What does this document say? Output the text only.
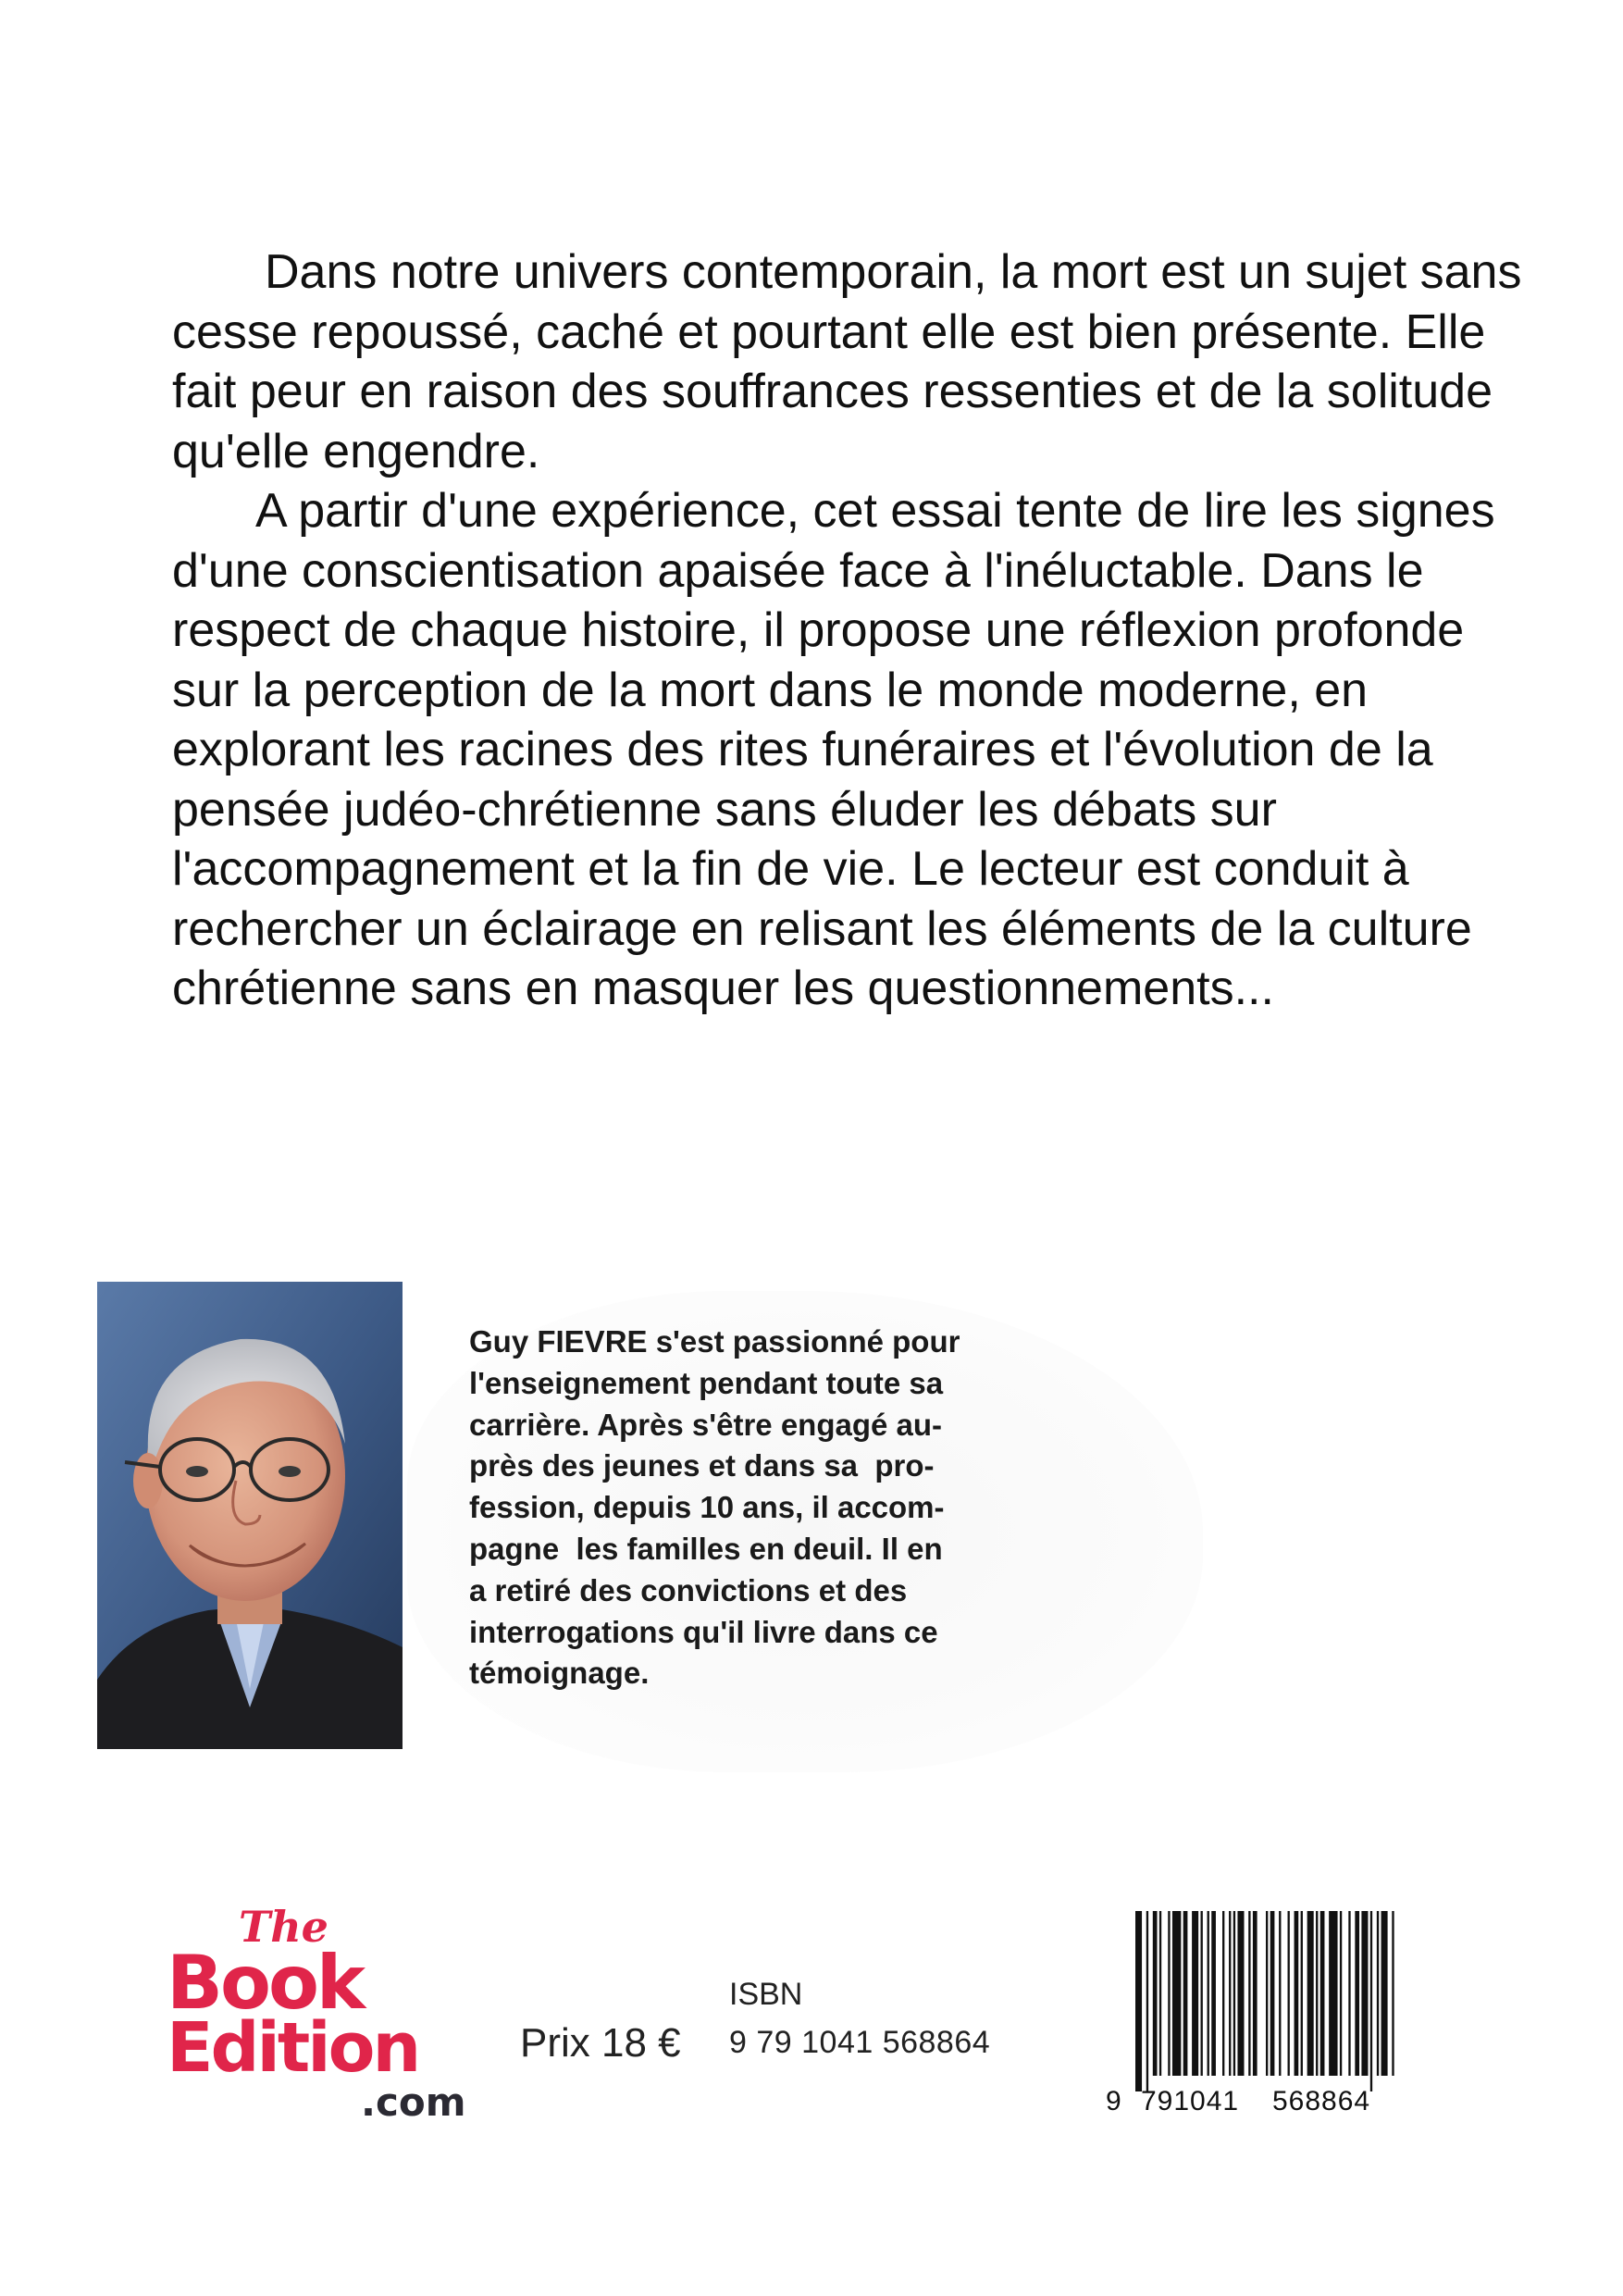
Dans notre univers contemporain, la mort est un sujet sans cesse repoussé, caché et pourtant elle est bien présente. Elle fait peur en raison des souffrances ressenties et de la solitude qu'elle engendre.

A partir d'une expérience, cet essai tente de lire les signes d'une conscientisation apaisée face à l'inéluctable. Dans le respect de chaque histoire, il propose une réflexion profonde sur la perception de la mort dans le monde moderne, en explorant les racines des rites funéraires et l'évolution de la pensée judéo-chrétienne sans éluder les débats sur l'accompagnement et la fin de vie. Le lecteur est conduit à rechercher un éclairage en relisant les éléments de la culture chrétienne sans en masquer les questionnements...

Guy FIEVRE s'est passionné pour
l'enseignement pendant toute sa
carrière. Après s'être engagé au-
près des jeunes et dans sa  pro-
fession, depuis 10 ans, il accom-
pagne  les familles en deuil. Il en
a retiré des convictions et des
interrogations qu'il livre dans ce
témoignage.

The
Book
Edition
.com
Prix 18 €
ISBN
9 79 1041 568864
9 791041 568864
